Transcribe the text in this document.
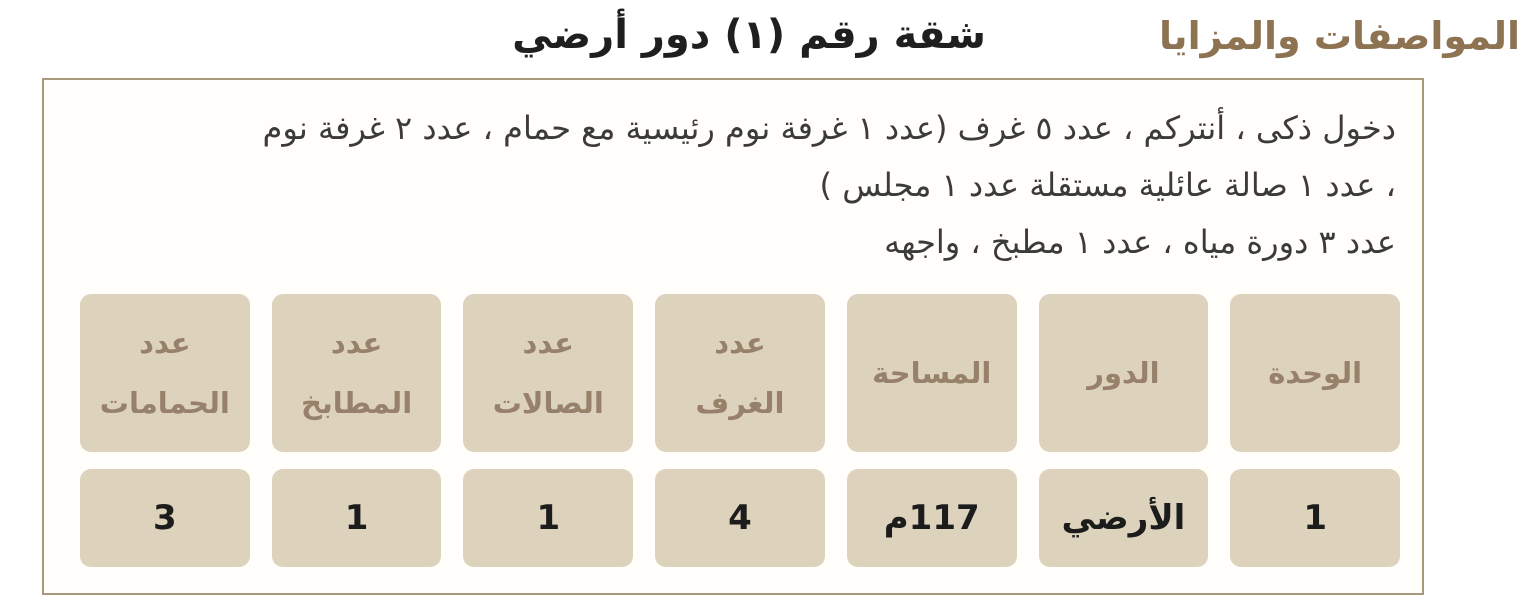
المواصفات والمزايا
شقة رقم (١) دور أرضي
دخول ذكى ، أنتركم ، عدد ٥ غرف (عدد ١ غرفة نوم رئيسية مع حمام ، عدد ٢ غرفة نوم
، عدد ١ صالة عائلية مستقلة عدد ١ مجلس )
عدد ٣ دورة مياه ، عدد ١ مطبخ ، واجهه
الوحدة
الدور
المساحة
عدد الغرف
عدد الصالات
عدد المطابخ
عدد الحمامات
1
الأرضي
117م
4
1
1
3
